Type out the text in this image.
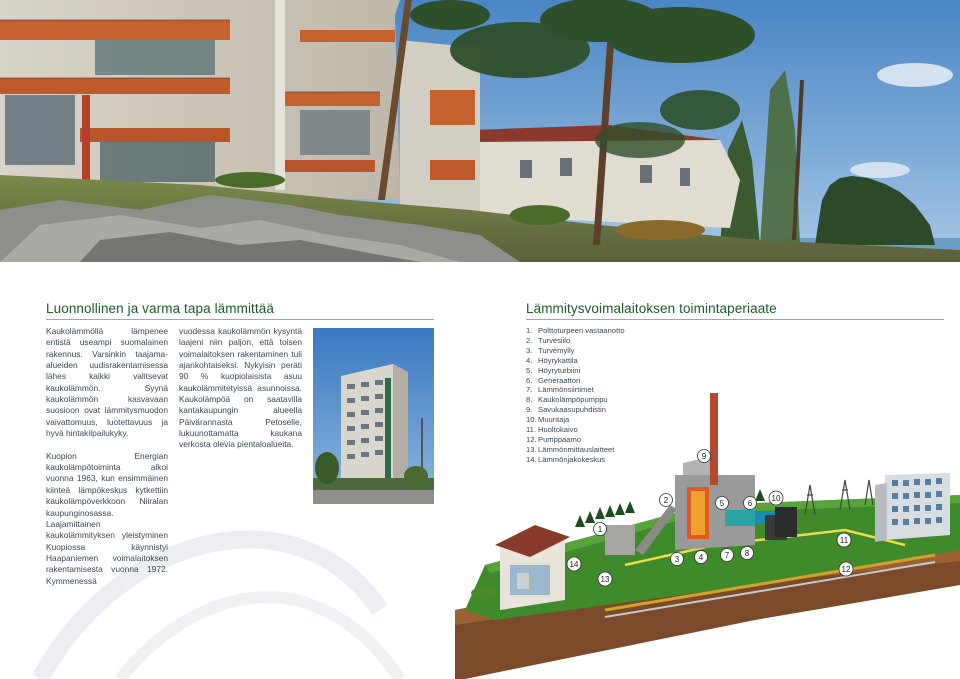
Luonnollinen ja varma tapa lämmittää	Lämmitysvoimalaitoksen toimintaperiaate

Kaukolämmöllä lämpenee entistä useampi suomalainen rakennus. Varsinkin taajama-alueiden uudisrakentamisessa lähes kaikki valitsevat kaukolämmön. Syynä kaukolämmön kasvavaan suosioon ovat lämmitysmuodon vaivattomuus, luotettavuus ja hyvä hintakilpailukyky.

Kuopion Energian kaukolämpötoiminta alkoi vuonna 1963, kun ensimmäinen kiinteä lämpökeskus kytkettiin kaukolämpöverkkoon Niiralan kaupunginosassa. Laajamittainen kaukolämmityksen yleistyminen Kuopiossa käynnistyi Haapaniemen voimalaitoksen rakentamisesta vuonna 1972. Kymmenessä

vuodessa kaukolämmön kysyntä laajeni niin paljon, että toisen voimalaitoksen rakentaminen tuli ajankohtaiseksi. Nykyisin peräti 90 % kuopiolaisista asuu kaukolämmitetyissä asunnoissa. Kaukolämpöä on saatavilla kantakaupungin alueella Päivärannasta Petoselle, lukuunottamatta kaukana verkosta olevia pientaloalueita.

1. Polttoturpeen vastaanotto
2. Turvesiilo
3. Turvemylly
4. Höyrykattila
5. Höyryturbiini
6. Generaattori
7. Lämmönsiirtimet
8. Kaukolämpöpumppu
9. Savukaasupuhdistin
10.Muuntaja
11. Huoltokaivo
12.Pumppaamo
13.Lämmönmittauslaitteet
14.Lämmönjakokeskus
1
2
3 4
5	6
7 8
9
10
11
12
13
14
